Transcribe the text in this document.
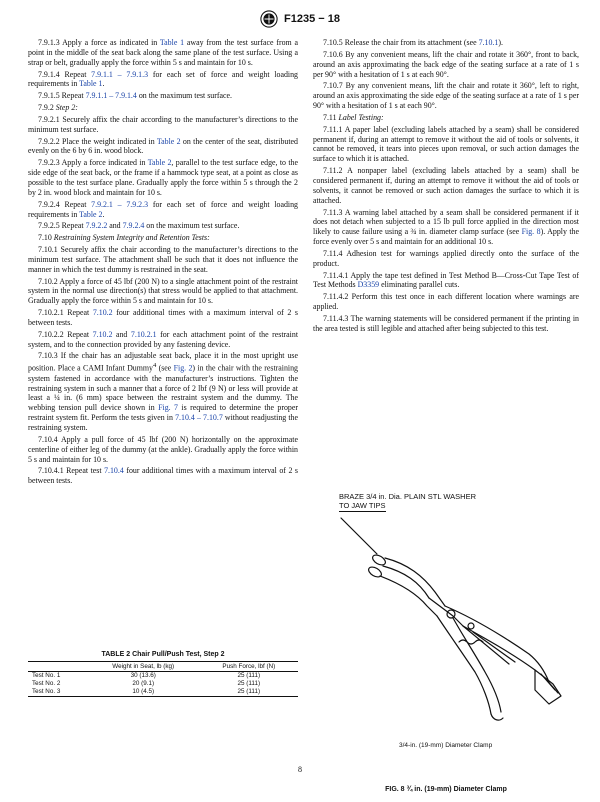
F1235 − 18

7.9.1.3 Apply a force as indicated in Table 1 away from the test surface from a point in the middle of the seat back along the same plane of the test surface. Using a strap or belt, gradually apply the force within 5 s and maintain for 10 s.

7.9.1.4 Repeat 7.9.1.1 – 7.9.1.3 for each set of force and weight loading requirements in Table 1.

7.9.1.5 Repeat 7.9.1.1 – 7.9.1.4 on the maximum test surface.

7.9.2 Step 2:

7.9.2.1 Securely affix the chair according to the manufacturer’s directions to the minimum test surface.

7.9.2.2 Place the weight indicated in Table 2 on the center of the seat, distributed evenly on the 6 by 6 in. wood block.

7.9.2.3 Apply a force indicated in Table 2, parallel to the test surface edge, to the side edge of the seat back, or the frame if a hammock type seat, at a point as close as possible to the test surface plane. Gradually apply the force within 5 s through the 2 by 2 in. wood block and maintain for 10 s.

7.9.2.4 Repeat 7.9.2.1 – 7.9.2.3 for each set of force and weight loading requirements in Table 2.

7.9.2.5 Repeat 7.9.2.2 and 7.9.2.4 on the maximum test surface.

7.10 Restraining System Integrity and Retention Tests:

7.10.1 Securely affix the chair according to the manufacturer’s directions to the minimum test surface. The attachment shall be such that it does not influence the manner in which the test dummy is restrained in the seat.

7.10.2 Apply a force of 45 lbf (200 N) to a single attachment point of the restraint system in the normal use direction(s) that stress would be applied to that attachment. Gradually apply the force within 5 s and maintain for 10 s.

7.10.2.1 Repeat 7.10.2 four additional times with a maximum interval of 2 s between tests.

7.10.2.2 Repeat 7.10.2 and 7.10.2.1 for each attachment point of the restraint system, and to the connection provided by any fastening device.

7.10.3 If the chair has an adjustable seat back, place it in the most upright use position. Place a CAMI Infant Dummy$^4$ (see Fig. 2) in the chair with the restraining system fastened in accordance with the manufacturer’s instructions. Tighten the restraining system in such a manner that a force of 2 lbf (9 N) or less will provide at least a ¼ in. (6 mm) space between the restraint system and the dummy. The webbing tension pull device shown in Fig. 7 is required to determine the proper restraint system fit. Perform the tests given in 7.10.4 – 7.10.7 without readjusting the restraining system.

7.10.4 Apply a pull force of 45 lbf (200 N) horizontally on the approximate centerline of either leg of the dummy (at the ankle). Gradually apply the force within 5 s and maintain for 10 s.

7.10.4.1 Repeat test 7.10.4 four additional times with a maximum interval of 2 s between tests.

7.10.5 Release the chair from its attachment (see 7.10.1).

7.10.6 By any convenient means, lift the chair and rotate it 360°, front to back, around an axis approximating the back edge of the seating surface at a rate of 1 s per 90° with a hesitation of 1 s at each 90°.

7.10.7 By any convenient means, lift the chair and rotate it 360°, left to right, around an axis approximating the side edge of the seating surface at a rate of 1 s per 90° with a hesitation of 1 s at each 90°.

7.11 Label Testing:

7.11.1 A paper label (excluding labels attached by a seam) shall be considered permanent if, during an attempt to remove it without the aid of tools or solvents, it cannot be removed, it tears into pieces upon removal, or such action damages the surface to which it is attached.

7.11.2 A nonpaper label (excluding labels attached by a seam) shall be considered permanent if, during an attempt to remove it without the aid of tools or solvents, it cannot be removed or such action damages the surface to which it is attached.

7.11.3 A warning label attached by a seam shall be considered permanent if it does not detach when subjected to a 15 lb pull force applied in the direction most likely to cause failure using a ¾ in. diameter clamp surface (see Fig. 8). Apply the force evenly over 5 s and maintain for an additional 10 s.

7.11.4 Adhesion test for warnings applied directly onto the surface of the product.

7.11.4.1 Apply the tape test defined in Test Method B—Cross-Cut Tape Test of Test Methods D3359 eliminating parallel cuts.

7.11.4.2 Perform this test once in each different location where warnings are applied.

7.11.4.3 The warning statements will be considered permanent if the printing in the area tested is still legible and attached after being subjected to this test.

TABLE 2 Chair Pull/Push Test, Step 2
	Weight in Seat, lb (kg)	Push Force, lbf (N)
Test No. 1	30 (13.6)	25 (111)
Test No. 2	20 (9.1)	25 (111)
Test No. 3	10 (4.5)	25 (111)
BRAZE 3/4 in. Dia. PLAIN STL WASHER
TO JAW TIPS
3/4-in. (19-mm) Diameter Clamp
FIG. 8 ¾ in. (19-mm) Diameter Clamp
8
